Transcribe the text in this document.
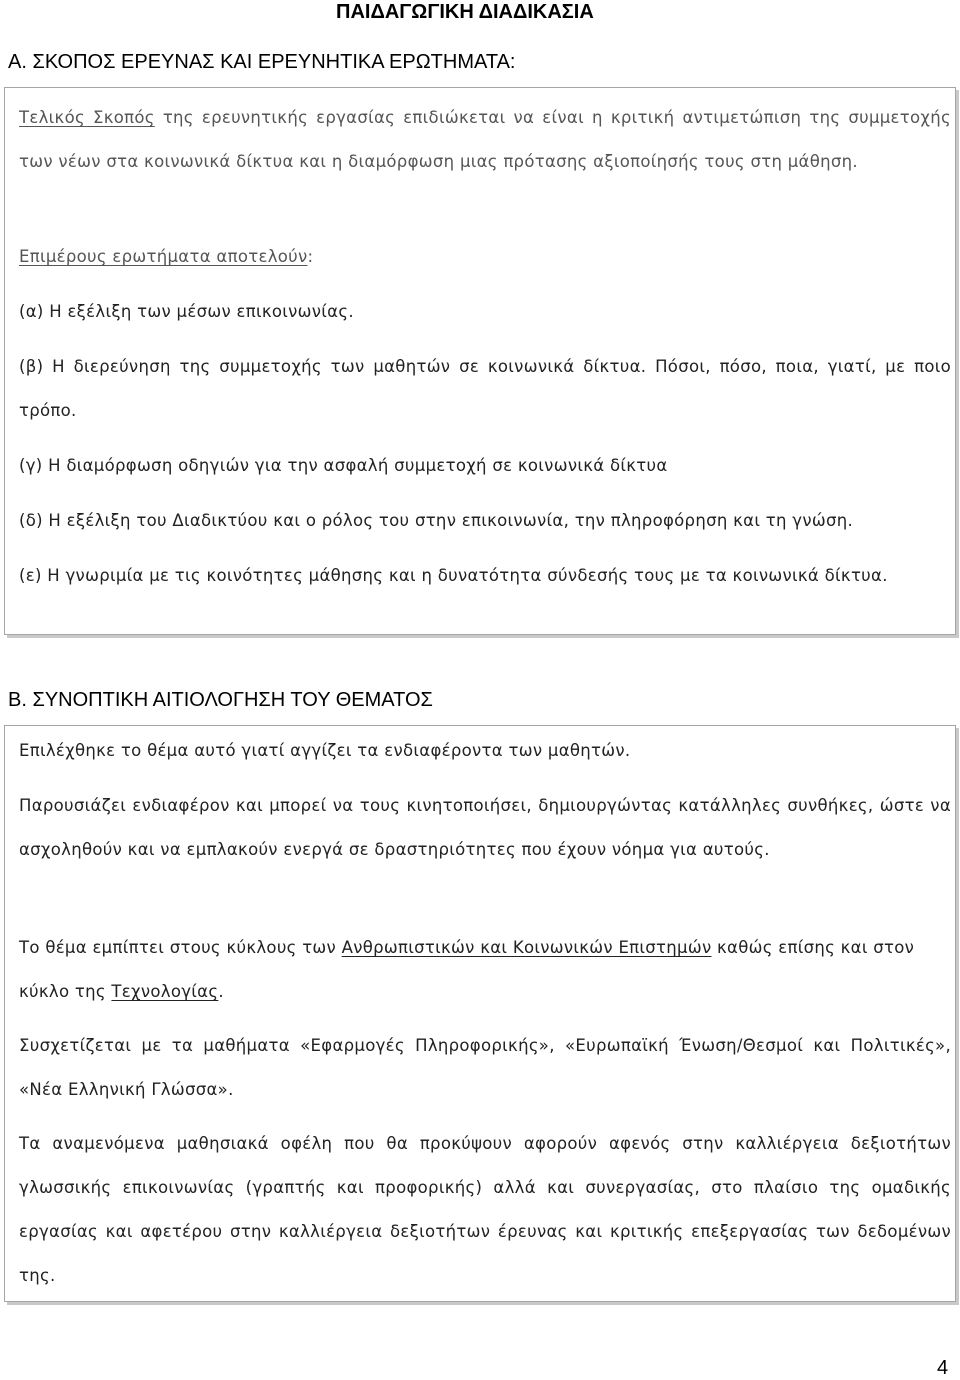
ΠΑΙΔΑΓΩΓΙΚΗ ΔΙΑΔΙΚΑΣΙΑ
Α. ΣΚΟΠΟΣ ΕΡΕΥΝΑΣ ΚΑΙ ΕΡΕΥΝΗΤΙΚΑ ΕΡΩΤΗΜΑΤΑ:

Τελικός Σκοπός της ερευνητικής εργασίας επιδιώκεται να είναι η κριτική αντιμετώπιση της συμμετοχής των νέων στα κοινωνικά δίκτυα και η διαμόρφωση μιας πρότασης αξιοποίησής τους στη μάθηση.

Επιμέρους ερωτήματα αποτελούν:

(α) Η εξέλιξη των μέσων επικοινωνίας.

(β) Η διερεύνηση της συμμετοχής των μαθητών σε κοινωνικά δίκτυα. Πόσοι, πόσο, ποια, γιατί, με ποιο τρόπο.

(γ) Η διαμόρφωση οδηγιών για την ασφαλή συμμετοχή σε κοινωνικά δίκτυα

(δ) Η εξέλιξη του Διαδικτύου και ο ρόλος του στην επικοινωνία, την πληροφόρηση και τη γνώση.

(ε) Η γνωριμία με τις κοινότητες μάθησης και η δυνατότητα σύνδεσής τους με τα κοινωνικά δίκτυα.

Β. ΣΥΝΟΠΤΙΚΗ ΑΙΤΙΟΛΟΓΗΣΗ ΤΟΥ ΘΕΜΑΤΟΣ

Επιλέχθηκε το θέμα αυτό γιατί αγγίζει τα ενδιαφέροντα των μαθητών.

Παρουσιάζει ενδιαφέρον και μπορεί να τους κινητοποιήσει, δημιουργώντας κατάλληλες συνθήκες, ώστε να ασχοληθούν και να εμπλακούν ενεργά σε δραστηριότητες που έχουν νόημα για αυτούς.

Το θέμα εμπίπτει στους κύκλους των Ανθρωπιστικών και Κοινωνικών Επιστημών καθώς επίσης και στον κύκλο της Τεχνολογίας.

Συσχετίζεται με τα μαθήματα «Εφαρμογές Πληροφορικής», «Ευρωπαϊκή Ένωση/Θεσμοί και Πολιτικές», «Νέα Ελληνική Γλώσσα».

Τα αναμενόμενα μαθησιακά οφέλη που θα προκύψουν αφορούν αφενός στην καλλιέργεια δεξιοτήτων γλωσσικής επικοινωνίας (γραπτής και προφορικής) αλλά και συνεργασίας, στο πλαίσιο της ομαδικής εργασίας και αφετέρου στην καλλιέργεια δεξιοτήτων έρευνας και κριτικής επεξεργασίας των δεδομένων της.

4
